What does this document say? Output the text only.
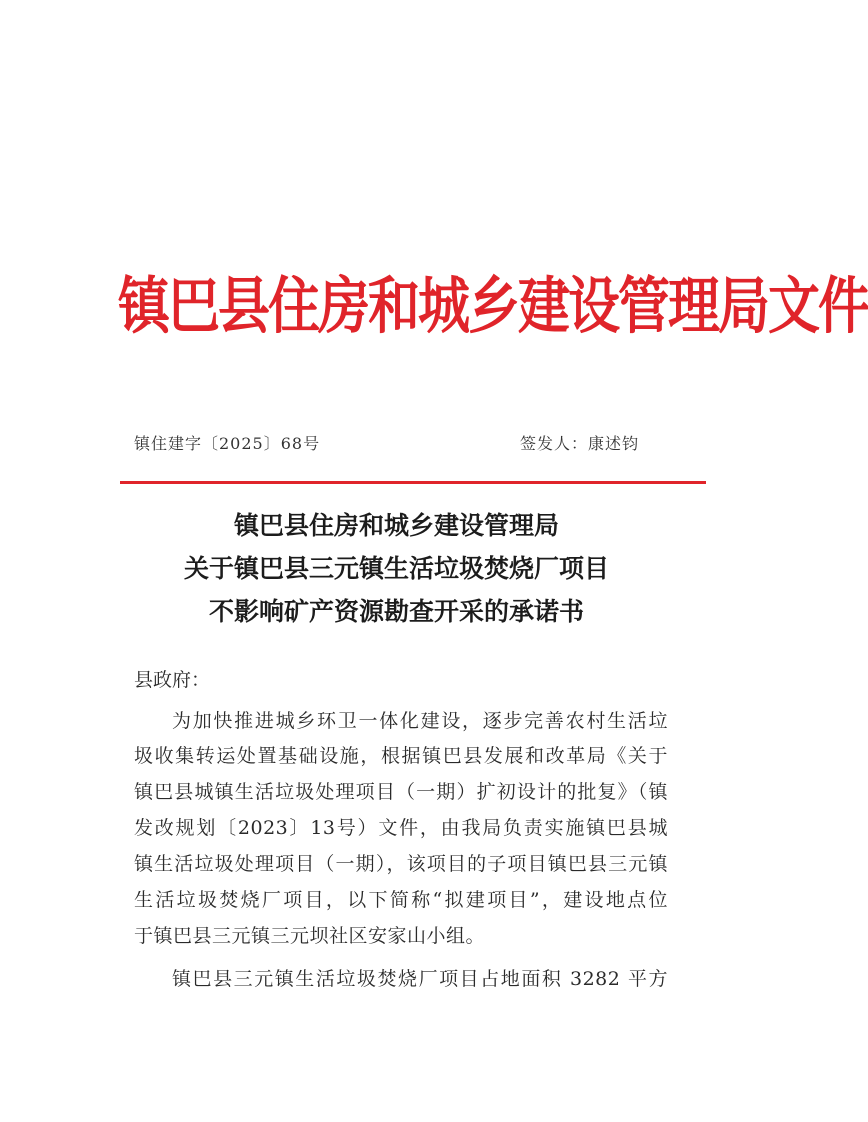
镇巴县住房和城乡建设管理局文件
镇住建字〔2025〕68号	签发人：康述钧
镇巴县住房和城乡建设管理局
关于镇巴县三元镇生活垃圾焚烧厂项目
不影响矿产资源勘查开采的承诺书
县政府：
为加快推进城乡环卫一体化建设，逐步完善农村生活垃
圾收集转运处置基础设施，根据镇巴县发展和改革局《关于
镇巴县城镇生活垃圾处理项目（一期）扩初设计的批复》（镇
发改规划〔2023〕13号）文件，由我局负责实施镇巴县城
镇生活垃圾处理项目（一期），该项目的子项目镇巴县三元镇
生活垃圾焚烧厂项目，以下简称“拟建项目”，建设地点位
于镇巴县三元镇三元坝社区安家山小组。
镇巴县三元镇生活垃圾焚烧厂项目占地面积 3282 平方
